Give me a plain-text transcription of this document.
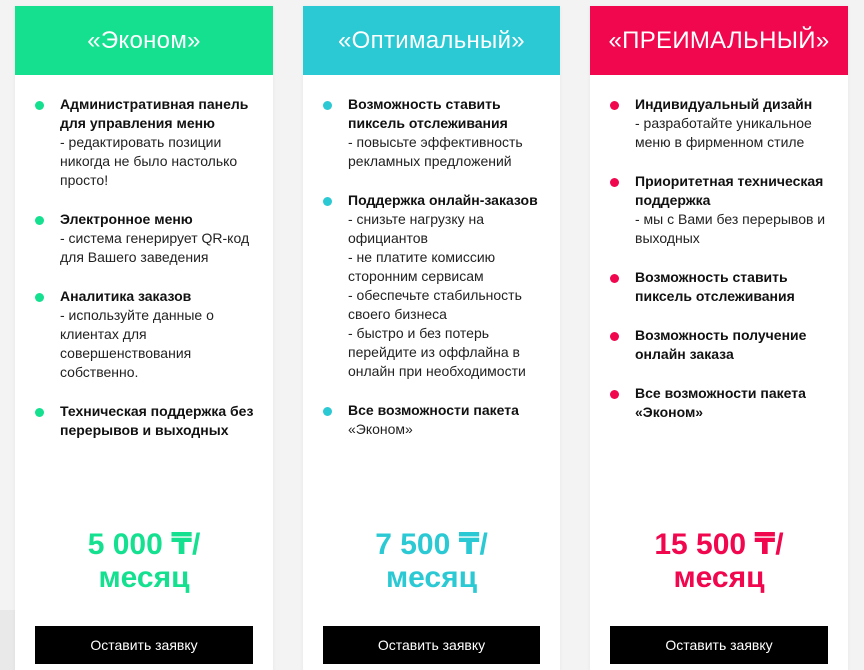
«Эконом»
Административная панель для управления меню
- редактировать позиции никогда не было настолько просто!
Электронное меню
- система генерирует QR-код для Вашего заведения
Аналитика заказов
- используйте данные о клиентах для совершенствования собственно.
Техническая поддержка без перерывов и выходных
5 000 ₸/
месяц
Оставить заявку
«Оптимальный»
Возможность ставить пиксель отслеживания
- повысьте эффективность рекламных предложений
Поддержка онлайн-заказов
- снизьте нагрузку на официантов
- не платите комиссию сторонним сервисам
- обеспечьте стабильность своего бизнеса
- быстро и без потерь перейдите из оффлайна в онлайн при необходимости
Все возможности пакета
«Эконом»
7 500 ₸/
месяц
Оставить заявку
«ПРЕИМАЛЬНЫЙ»
Индивидуальный дизайн
- разработайте уникальное меню в фирменном стиле
Приоритетная техническая поддержка
- мы с Вами без перерывов и выходных
Возможность ставить пиксель отслеживания
Возможность получение онлайн заказа
Все возможности пакета «Эконом»
15 500 ₸/
месяц
Оставить заявку
